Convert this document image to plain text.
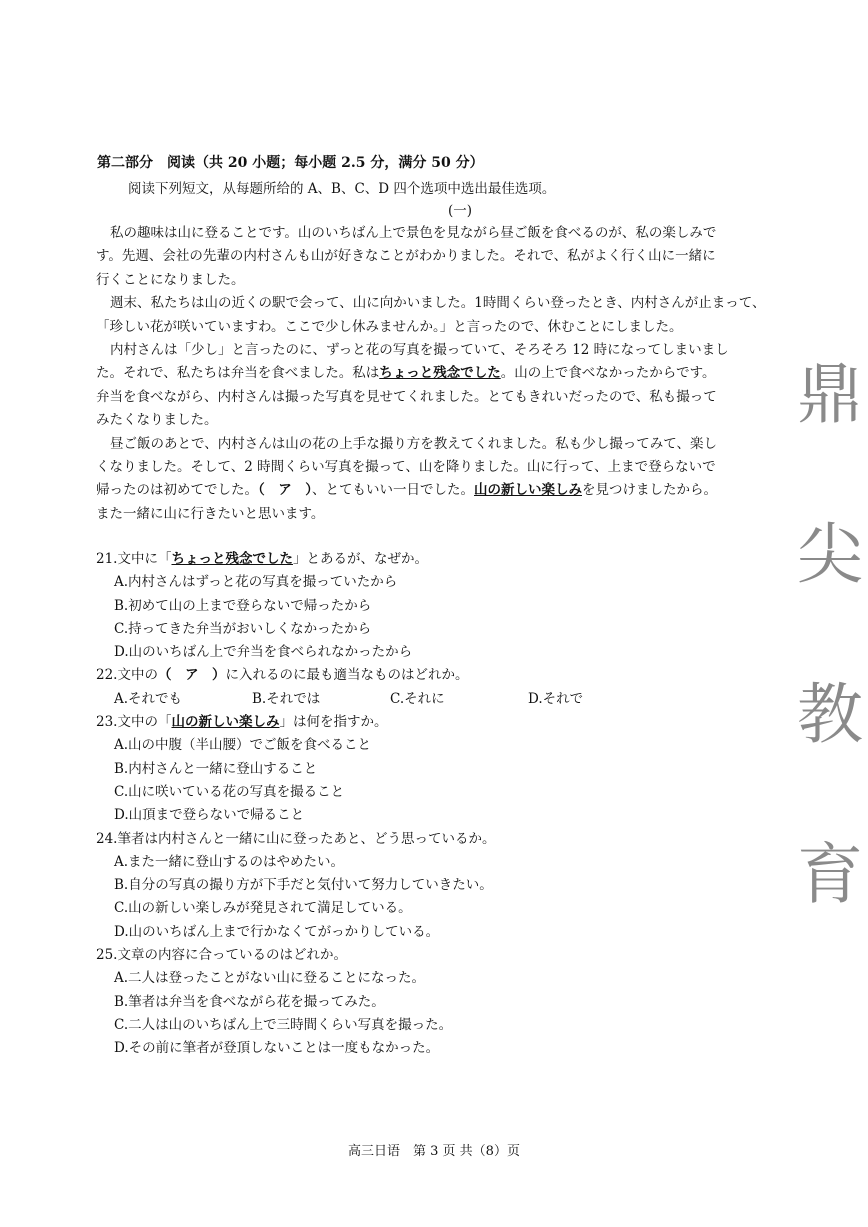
第二部分　阅读（共 20 小题；每小题 2.5 分，满分 50 分）
阅读下列短文，从每题所给的 A、B、C、D 四个选项中选出最佳选项。
(一)
私の趣味は山に登ることです。山のいちばん上で景色を見ながら昼ご飯を食べるのが、私の楽しみで
す。先週、会社の先輩の内村さんも山が好きなことがわかりました。それで、私がよく行く山に一緒に
行くことになりました。
週末、私たちは山の近くの駅で会って、山に向かいました。1時間くらい登ったとき、内村さんが止まって、
「珍しい花が咲いていますわ。ここで少し休みませんか。」と言ったので、休むことにしました。
内村さんは「少し」と言ったのに、ずっと花の写真を撮っていて、そろそろ 12 時になってしまいまし
た。それで、私たちは弁当を食べました。私はちょっと残念でした。山の上で食べなかったからです。
弁当を食べながら、内村さんは撮った写真を見せてくれました。とてもきれいだったので、私も撮って
みたくなりました。
昼ご飯のあとで、内村さんは山の花の上手な撮り方を教えてくれました。私も少し撮ってみて、楽し
くなりました。そして、2 時間くらい写真を撮って、山を降りました。山に行って、上まで登らないで
帰ったのは初めてでした。（　ア　）、とてもいい一日でした。山の新しい楽しみを見つけましたから。
また一緒に山に行きたいと思います。
21.文中に「ちょっと残念でした」とあるが、なぜか。
A.内村さんはずっと花の写真を撮っていたから
B.初めて山の上まで登らないで帰ったから
C.持ってきた弁当がおいしくなかったから
D.山のいちばん上で弁当を食べられなかったから
22.文中の（　ア　）に入れるのに最も適当なものはどれか。
A.それでも	B.それでは	C.それに	D.それで
23.文中の「山の新しい楽しみ」は何を指すか。
A.山の中腹（半山腰）でご飯を食べること
B.内村さんと一緒に登山すること
C.山に咲いている花の写真を撮ること
D.山頂まで登らないで帰ること
24.筆者は内村さんと一緒に山に登ったあと、どう思っているか。
A.また一緒に登山するのはやめたい。
B.自分の写真の撮り方が下手だと気付いて努力していきたい。
C.山の新しい楽しみが発見されて満足している。
D.山のいちばん上まで行かなくてがっかりしている。
25.文章の内容に合っているのはどれか。
A.二人は登ったことがない山に登ることになった。
B.筆者は弁当を食べながら花を撮ってみた。
C.二人は山のいちばん上で三時間くらい写真を撮った。
D.その前に筆者が登頂しないことは一度もなかった。
鼎
尖
教
育
高三日语　第 3 页 共（8）页
